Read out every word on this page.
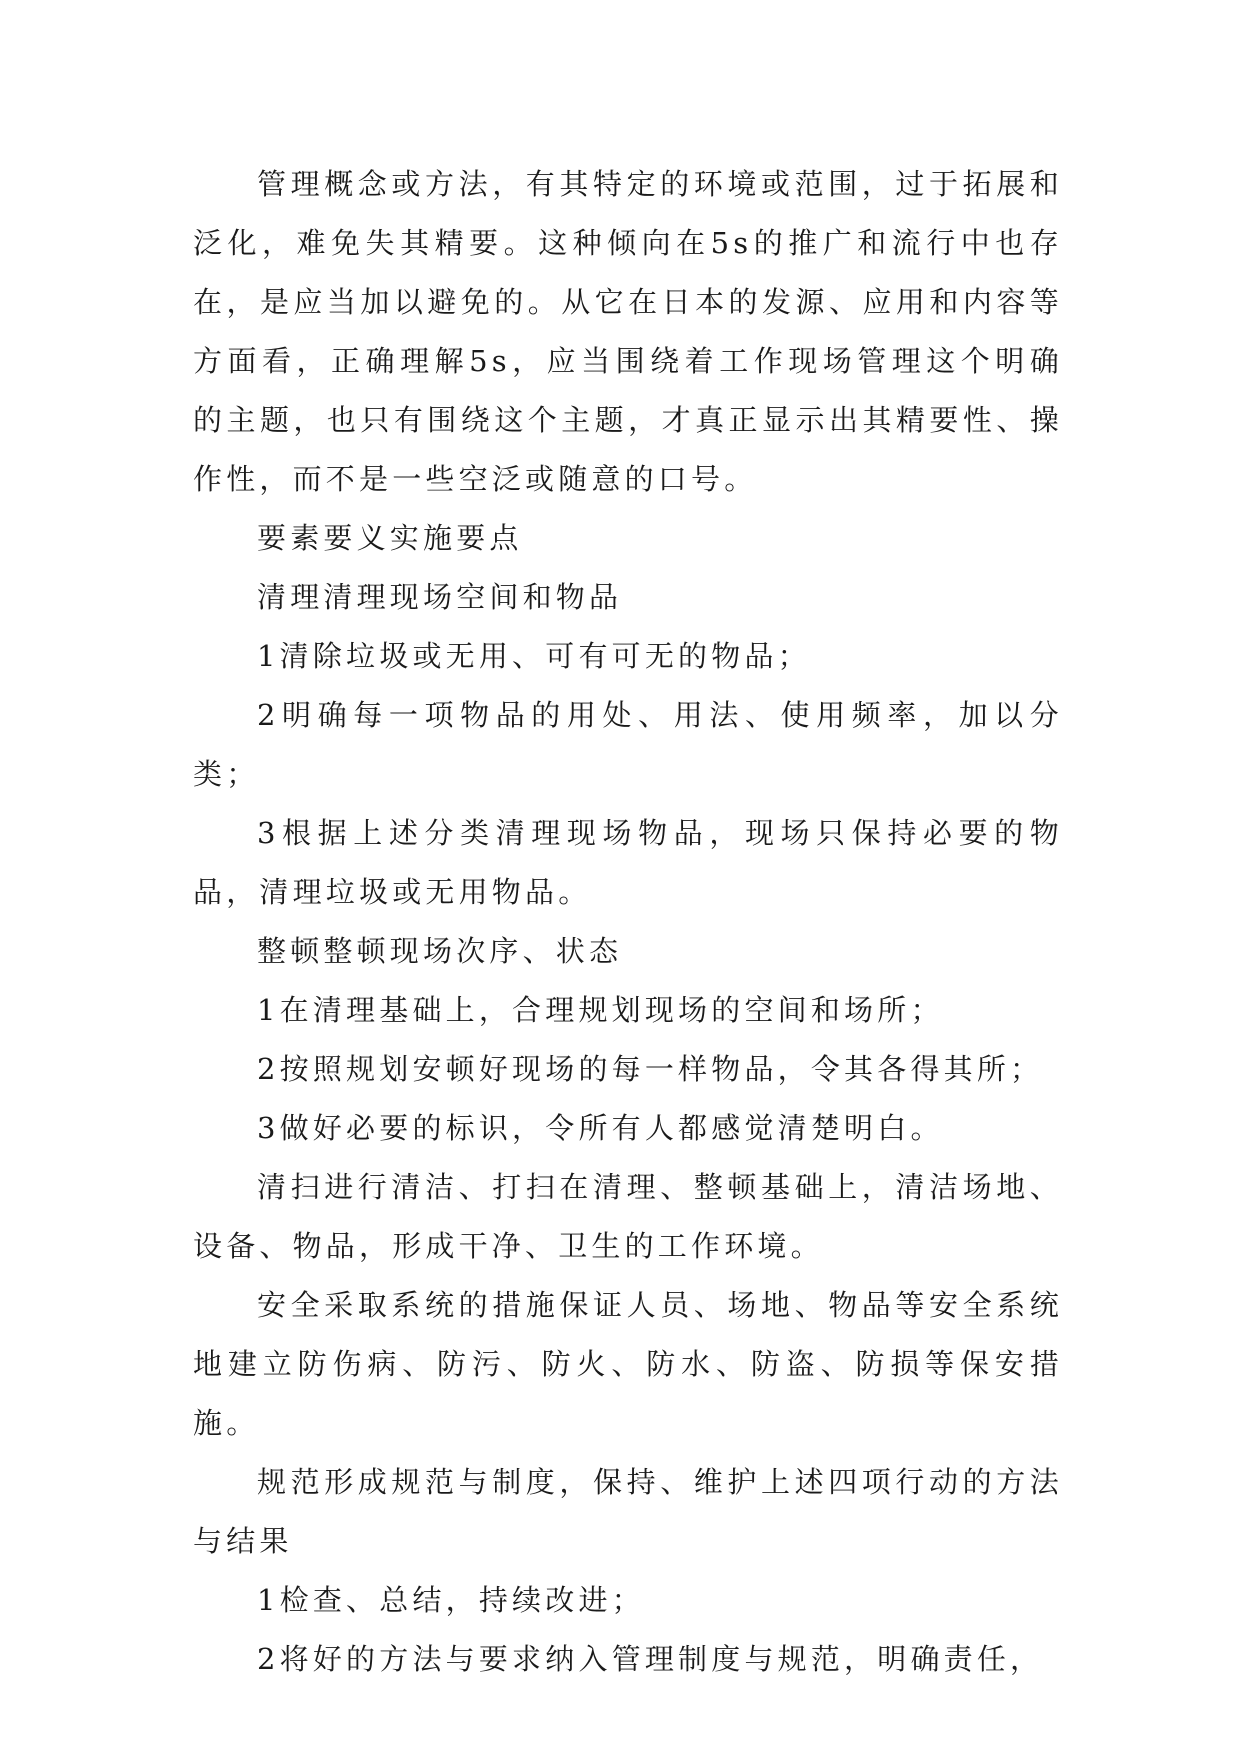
管理概念或方法，有其特定的环境或范围，过于拓展和泛化，难免失其精要。这种倾向在5s的推广和流行中也存在，是应当加以避免的。从它在日本的发源、应用和内容等方面看，正确理解5s，应当围绕着工作现场管理这个明确的主题，也只有围绕这个主题，才真正显示出其精要性、操作性，而不是一些空泛或随意的口号。

要素要义实施要点

清理清理现场空间和物品

1清除垃圾或无用、可有可无的物品；

2明确每一项物品的用处、用法、使用频率，加以分类；

3根据上述分类清理现场物品，现场只保持必要的物品，清理垃圾或无用物品。

整顿整顿现场次序、状态

1在清理基础上，合理规划现场的空间和场所；

2按照规划安顿好现场的每一样物品，令其各得其所；

3做好必要的标识，令所有人都感觉清楚明白。

清扫进行清洁、打扫在清理、整顿基础上，清洁场地、设备、物品，形成干净、卫生的工作环境。

安全采取系统的措施保证人员、场地、物品等安全系统地建立防伤病、防污、防火、防水、防盗、防损等保安措施。

规范形成规范与制度，保持、维护上述四项行动的方法与结果

1检查、总结，持续改进；

2将好的方法与要求纳入管理制度与规范，明确责任，
